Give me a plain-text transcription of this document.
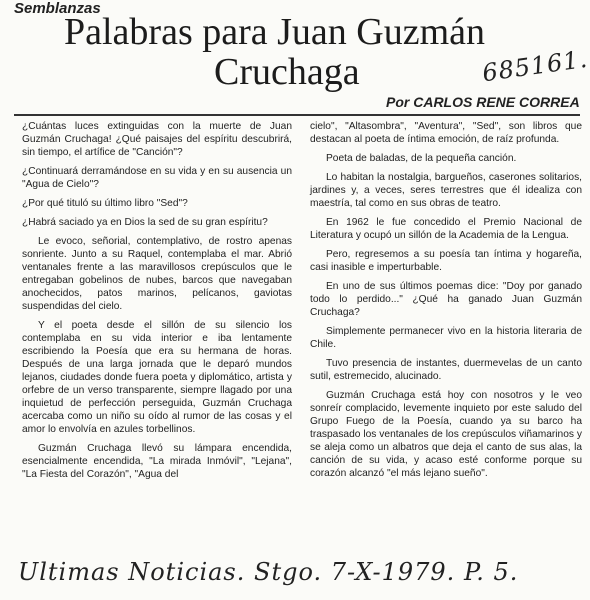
Semblanzas
Palabras para Juan Guzmán
Cruchaga	685161.
Por CARLOS RENE CORREA

¿Cuántas luces extinguidas con la muerte de Juan Guzmán Cruchaga! ¿Qué paisajes del espíritu descubrirá, sin tiempo, el artífice de "Canción"?

¿Continuará derramándose en su vida y en su ausencia un "Agua de Cielo"?

¿Por qué tituló su último libro "Sed"?

¿Habrá saciado ya en Dios la sed de su gran espíritu?

Le evoco, señorial, contemplativo, de rostro apenas sonriente. Junto a su Raquel, contemplaba el mar. Abrió ventanales frente a las maravillosos crepúsculos que le entregaban gobelinos de nubes, barcos que navegaban anochecidos, patos marinos, pelícanos, gaviotas suspendidas del cielo.

Y el poeta desde el sillón de su silencio los contemplaba en su vida interior e iba lentamente escribiendo la Poesía que era su hermana de horas. Después de una larga jornada que le deparó mundos lejanos, ciudades donde fuera poeta y diplomático, artista y orfebre de un verso transparente, siempre llagado por una inquietud de perfección perseguida, Guzmán Cruchaga acercaba como un niño su oído al rumor de las cosas y el amor lo envolvía en azules torbellinos.

Guzmán Cruchaga llevó su lámpara encendida, esencialmente encendida, "La mirada Inmóvil", "Lejana", "La Fiesta del Corazón", "Agua del

cielo", "Altasombra", "Aventura", "Sed", son libros que destacan al poeta de íntima emoción, de raíz profunda.

Poeta de baladas, de la pequeña canción.

Lo habitan la nostalgia, bargueños, caserones solitarios, jardines y, a veces, seres terrestres que él idealiza con maestría, tal como en sus obras de teatro.

En 1962 le fue concedido el Premio Nacional de Literatura y ocupó un sillón de la Academia de la Lengua.

Pero, regresemos a su poesía tan íntima y hogareña, casi inasible e imperturbable.

En uno de sus últimos poemas dice: "Doy por ganado todo lo perdido..." ¿Qué ha ganado Juan Guzmán Cruchaga?

Simplemente permanecer vivo en la historia literaria de Chile.

Tuvo presencia de instantes, duermevelas de un canto sutil, estremecido, alucinado.

Guzmán Cruchaga está hoy con nosotros y le veo sonreír complacido, levemente inquieto por este saludo del Grupo Fuego de la Poesía, cuando ya su barco ha traspasado los ventanales de los crepúsculos viñamarinos y se aleja como un albatros que deja el canto de sus alas, la canción de su vida, y acaso esté conforme porque su corazón alcanzó "el más lejano sueño".

Ultimas Noticias. Stgo. 7-X-1979. P. 5.
